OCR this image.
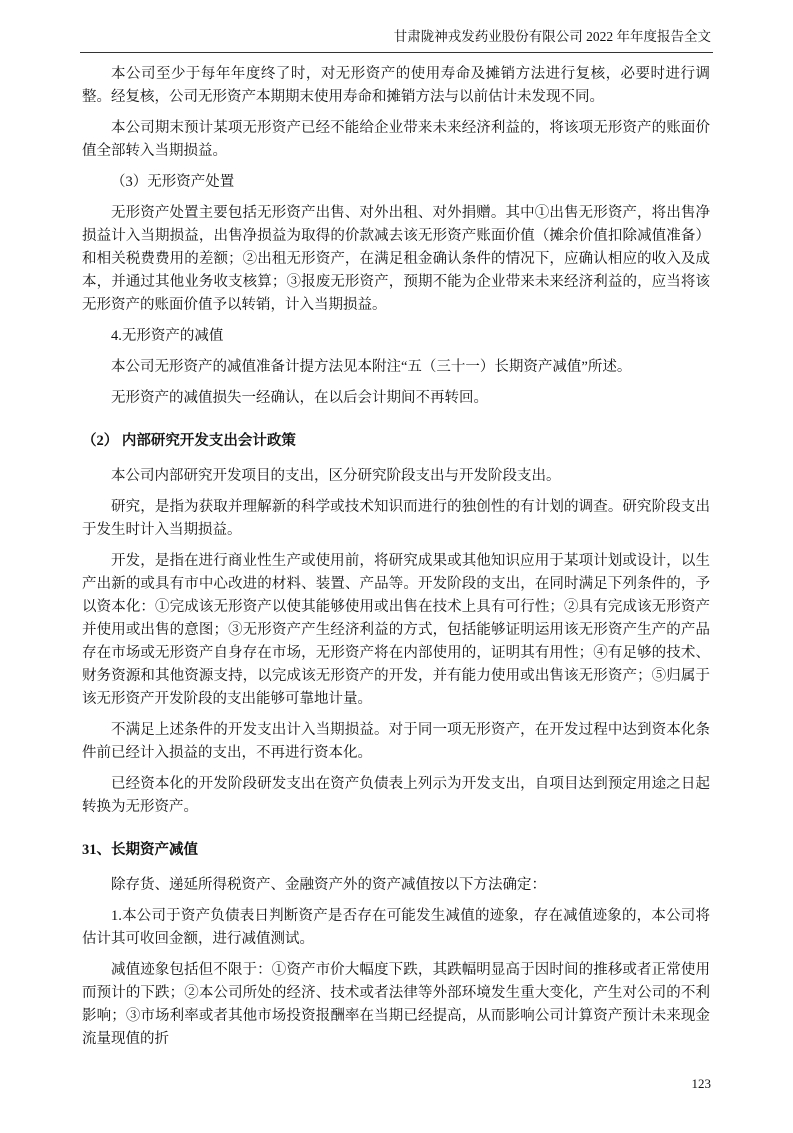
甘肃陇神戎发药业股份有限公司 2022 年年度报告全文
本公司至少于每年年度终了时，对无形资产的使用寿命及摊销方法进行复核，必要时进行调整。经复核，公司无形资产本期期末使用寿命和摊销方法与以前估计未发现不同。
本公司期末预计某项无形资产已经不能给企业带来未来经济利益的，将该项无形资产的账面价值全部转入当期损益。
（3）无形资产处置
无形资产处置主要包括无形资产出售、对外出租、对外捐赠。其中①出售无形资产，将出售净损益计入当期损益，出售净损益为取得的价款减去该无形资产账面价值（摊余价值扣除减值准备）和相关税费费用的差额；②出租无形资产，在满足租金确认条件的情况下，应确认相应的收入及成本，并通过其他业务收支核算；③报废无形资产，预期不能为企业带来未来经济利益的，应当将该无形资产的账面价值予以转销，计入当期损益。
4.无形资产的减值
本公司无形资产的减值准备计提方法见本附注“五（三十一）长期资产减值”所述。
无形资产的减值损失一经确认，在以后会计期间不再转回。
（2） 内部研究开发支出会计政策
本公司内部研究开发项目的支出，区分研究阶段支出与开发阶段支出。
研究，是指为获取并理解新的科学或技术知识而进行的独创性的有计划的调查。研究阶段支出于发生时计入当期损益。
开发，是指在进行商业性生产或使用前，将研究成果或其他知识应用于某项计划或设计，以生产出新的或具有市中心改进的材料、装置、产品等。开发阶段的支出，在同时满足下列条件的，予以资本化：①完成该无形资产以使其能够使用或出售在技术上具有可行性；②具有完成该无形资产并使用或出售的意图；③无形资产产生经济利益的方式，包括能够证明运用该无形资产生产的产品存在市场或无形资产自身存在市场，无形资产将在内部使用的，证明其有用性；④有足够的技术、财务资源和其他资源支持，以完成该无形资产的开发，并有能力使用或出售该无形资产；⑤归属于该无形资产开发阶段的支出能够可靠地计量。
不满足上述条件的开发支出计入当期损益。对于同一项无形资产，在开发过程中达到资本化条件前已经计入损益的支出，不再进行资本化。
已经资本化的开发阶段研发支出在资产负债表上列示为开发支出，自项目达到预定用途之日起转换为无形资产。
31、长期资产减值
除存货、递延所得税资产、金融资产外的资产减值按以下方法确定：
1.本公司于资产负债表日判断资产是否存在可能发生减值的迹象，存在减值迹象的，本公司将估计其可收回金额，进行减值测试。
减值迹象包括但不限于：①资产市价大幅度下跌，其跌幅明显高于因时间的推移或者正常使用而预计的下跌；②本公司所处的经济、技术或者法律等外部环境发生重大变化，产生对公司的不利影响；③市场利率或者其他市场投资报酬率在当期已经提高，从而影响公司计算资产预计未来现金流量现值的折
123
